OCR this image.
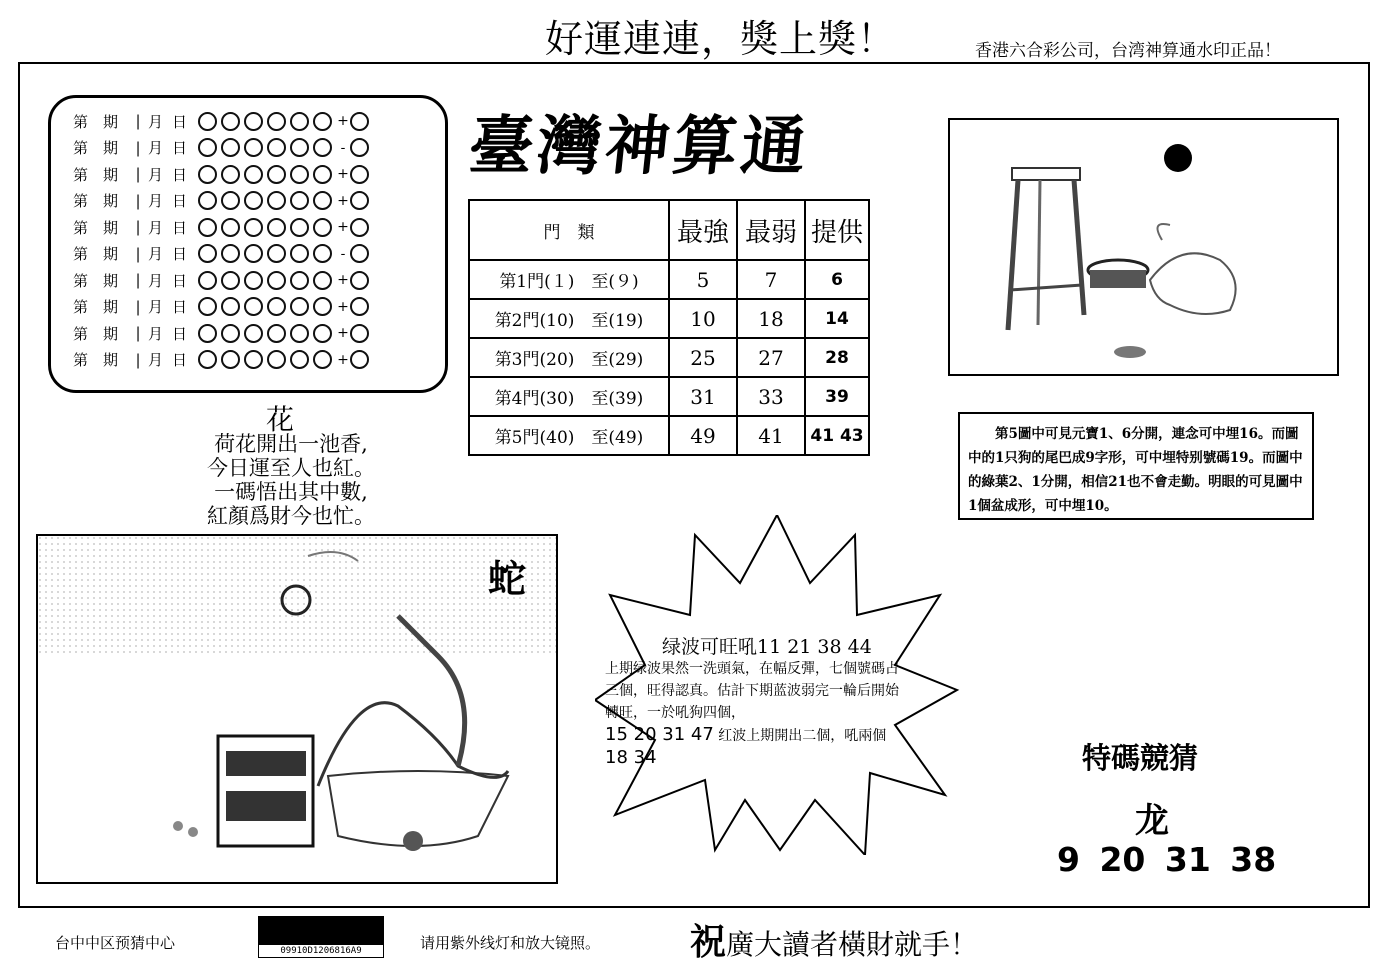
好運連連，獎上獎！	香港六合彩公司，台湾神算通水印正品！
第　期	| 月 日	+
第　期	| 月 日	-
第　期	| 月 日	+
第　期	| 月 日	+
第　期	| 月 日	+
第　期	| 月 日	-
第　期	| 月 日	+
第　期	| 月 日	+
第　期	| 月 日	+
第　期	| 月 日	+
臺灣神算通
門　類	最強	最弱	提供
第1門(１)　至(９)	5	7	6
第2門(10)　至(19)	10	18	14
第3門(20)　至(29)	25	27	28
第4門(30)　至(39)	31	33	39
第5門(40)　至(49)	49	41	41 43
花
荷花開出一池香,
今日運至人也紅。
一碼悟出其中數,
紅顏爲財今也忙。
第5圖中可見元寶1、6分開，連念可中埋16。而圖中的1只狗的尾巴成9字形，可中埋特别號碼19。而圖中的綠葉2、1分開，相信21也不會走勤。明眼的可見圖中1個盆成形，可中埋10。
蛇
绿波可旺吼11 21 38 44
上期绿波果然一洗頭氣，在幅反彈，七個號碼占三個，旺得認真。估計下期蓝波弱完一輪后開始轉旺，一於吼狗四個，
15 20 31 47 红波上期開出二個，吼兩個 18 34	特碼競猜
龙
9 20 31 38
台中中区预猜中心	09910D1206816A9	请用紫外线灯和放大镜照。 祝廣大讀者橫財就手！
